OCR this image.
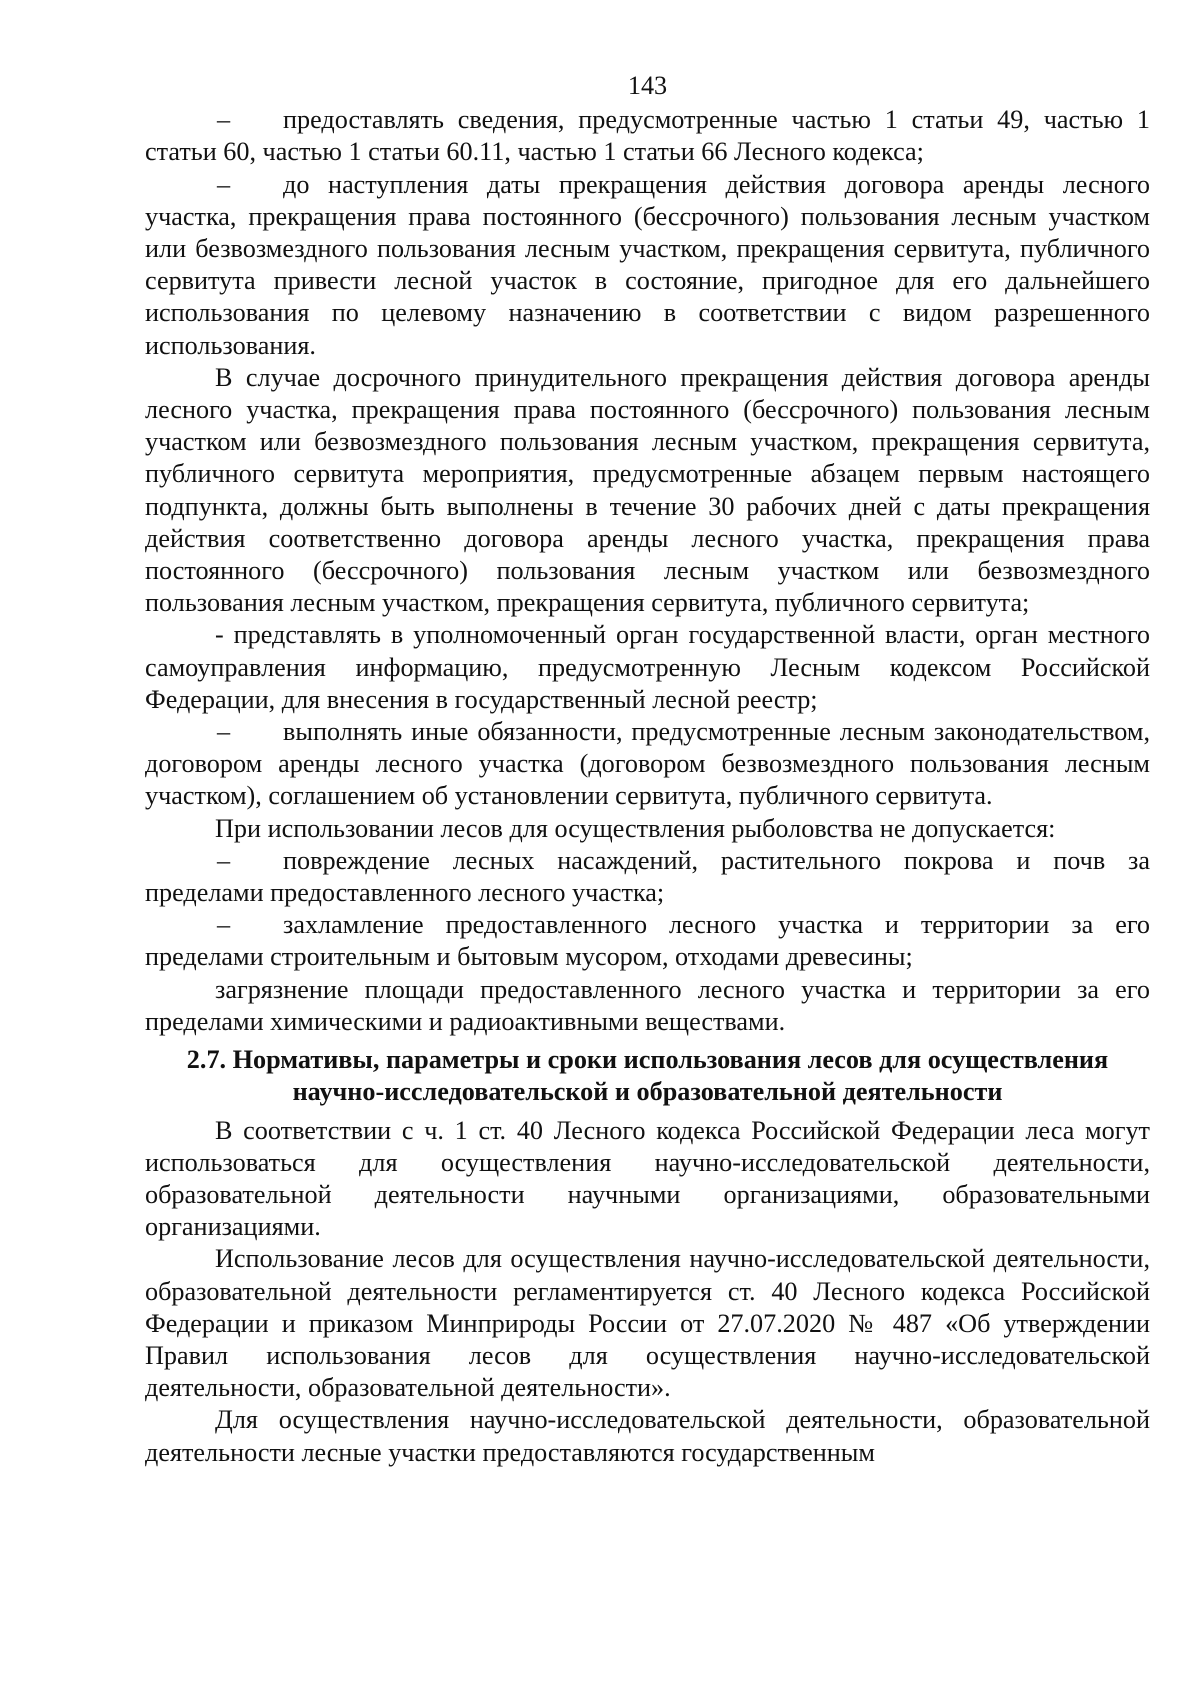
143

– предоставлять сведения, предусмотренные частью 1 статьи 49, частью 1 статьи 60, частью 1 статьи 60.11, частью 1 статьи 66 Лесного кодекса;

– до наступления даты прекращения действия договора аренды лесного участка, прекращения права постоянного (бессрочного) пользования лесным участком или безвозмездного пользования лесным участком, прекращения сервитута, публичного сервитута привести лесной участок в состояние, пригодное для его дальнейшего использования по целевому назначению в соответствии с видом разрешенного использования.

В случае досрочного принудительного прекращения действия договора аренды лесного участка, прекращения права постоянного (бессрочного) пользования лесным участком или безвозмездного пользования лесным участком, прекращения сервитута, публичного сервитута мероприятия, предусмотренные абзацем первым настоящего подпункта, должны быть выполнены в течение 30 рабочих дней с даты прекращения действия соответственно договора аренды лесного участка, прекращения права постоянного (бессрочного) пользования лесным участком или безвозмездного пользования лесным участком, прекращения сервитута, публичного сервитута;

- представлять в уполномоченный орган государственной власти, орган местного самоуправления информацию, предусмотренную Лесным кодексом Российской Федерации, для внесения в государственный лесной реестр;

– выполнять иные обязанности, предусмотренные лесным законодательством, договором аренды лесного участка (договором безвозмездного пользования лесным участком), соглашением об установлении сервитута, публичного сервитута.

При использовании лесов для осуществления рыболовства не допускается:

– повреждение лесных насаждений, растительного покрова и почв за пределами предоставленного лесного участка;

– захламление предоставленного лесного участка и территории за его пределами строительным и бытовым мусором, отходами древесины;

загрязнение площади предоставленного лесного участка и территории за его пределами химическими и радиоактивными веществами.

2.7. Нормативы, параметры и сроки использования лесов для осуществления
научно-исследовательской и образовательной деятельности

В соответствии с ч. 1 ст. 40 Лесного кодекса Российской Федерации леса могут использоваться для осуществления научно-исследовательской деятельности, образовательной деятельности научными организациями, образовательными организациями.

Использование лесов для осуществления научно-исследовательской деятельности, образовательной деятельности регламентируется ст. 40 Лесного кодекса Российской Федерации и приказом Минприроды России от 27.07.2020 № 487 «Об утверждении Правил использования лесов для осуществления научно-исследовательской деятельности, образовательной деятельности».

Для осуществления научно-исследовательской деятельности, образовательной деятельности лесные участки предоставляются государственным
